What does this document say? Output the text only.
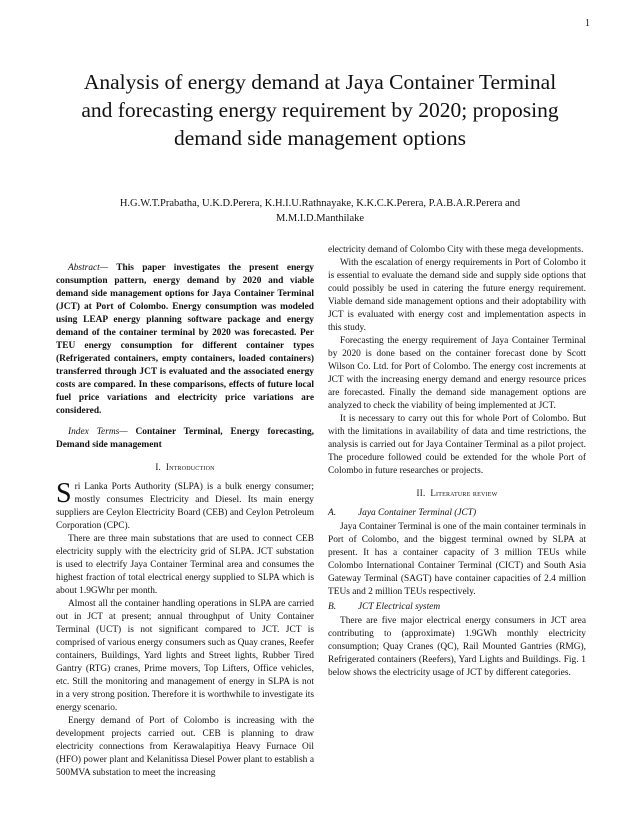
1
Analysis of energy demand at Jaya Container Terminal and forecasting energy requirement by 2020; proposing demand side management options
H.G.W.T.Prabatha, U.K.D.Perera, K.H.I.U.Rathnayake, K.K.C.K.Perera, P.A.B.A.R.Perera and M.M.I.D.Manthilake

Abstract— This paper investigates the present energy consumption pattern, energy demand by 2020 and viable demand side management options for Jaya Container Terminal (JCT) at Port of Colombo. Energy consumption was modeled using LEAP energy planning software package and energy demand of the container terminal by 2020 was forecasted. Per TEU energy consumption for different container types (Refrigerated containers, empty containers, loaded containers) transferred through JCT is evaluated and the associated energy costs are compared. In these comparisons, effects of future local fuel price variations and electricity price variations are considered.

Index Terms— Container Terminal, Energy forecasting, Demand side management

I. Introduction

Sri Lanka Ports Authority (SLPA) is a bulk energy consumer; mostly consumes Electricity and Diesel. Its main energy suppliers are Ceylon Electricity Board (CEB) and Ceylon Petroleum Corporation (CPC).

There are three main substations that are used to connect CEB electricity supply with the electricity grid of SLPA. JCT substation is used to electrify Jaya Container Terminal area and consumes the highest fraction of total electrical energy supplied to SLPA which is about 1.9GWhr per month.

Almost all the container handling operations in SLPA are carried out in JCT at present; annual throughput of Unity Container Terminal (UCT) is not significant compared to JCT. JCT is comprised of various energy consumers such as Quay cranes, Reefer containers, Buildings, Yard lights and Street lights, Rubber Tired Gantry (RTG) cranes, Prime movers, Top Lifters, Office vehicles, etc. Still the monitoring and management of energy in SLPA is not in a very strong position. Therefore it is worthwhile to investigate its energy scenario.

Energy demand of Port of Colombo is increasing with the development projects carried out. CEB is planning to draw electricity connections from Kerawalapitiya Heavy Furnace Oil (HFO) power plant and Kelanitissa Diesel Power plant to establish a 500MVA substation to meet the increasing

electricity demand of Colombo City with these mega developments.

With the escalation of energy requirements in Port of Colombo it is essential to evaluate the demand side and supply side options that could possibly be used in catering the future energy requirement. Viable demand side management options and their adoptability with JCT is evaluated with energy cost and implementation aspects in this study.

Forecasting the energy requirement of Jaya Container Terminal by 2020 is done based on the container forecast done by Scott Wilson Co. Ltd. for Port of Colombo. The energy cost increments at JCT with the increasing energy demand and energy resource prices are forecasted. Finally the demand side management options are analyzed to check the viability of being implemented at JCT.

It is necessary to carry out this for whole Port of Colombo. But with the limitations in availability of data and time restrictions, the analysis is carried out for Jaya Container Terminal as a pilot project. The procedure followed could be extended for the whole Port of Colombo in future researches or projects.

II. Literature review

A. Jaya Container Terminal (JCT)

Jaya Container Terminal is one of the main container terminals in Port of Colombo, and the biggest terminal owned by SLPA at present. It has a container capacity of 3 million TEUs while Colombo International Container Terminal (CICT) and South Asia Gateway Terminal (SAGT) have container capacities of 2.4 million TEUs and 2 million TEUs respectively.

B. JCT Electrical system

There are five major electrical energy consumers in JCT area contributing to (approximate) 1.9GWh monthly electricity consumption; Quay Cranes (QC), Rail Mounted Gantries (RMG), Refrigerated containers (Reefers), Yard Lights and Buildings. Fig. 1 below shows the electricity usage of JCT by different categories.
